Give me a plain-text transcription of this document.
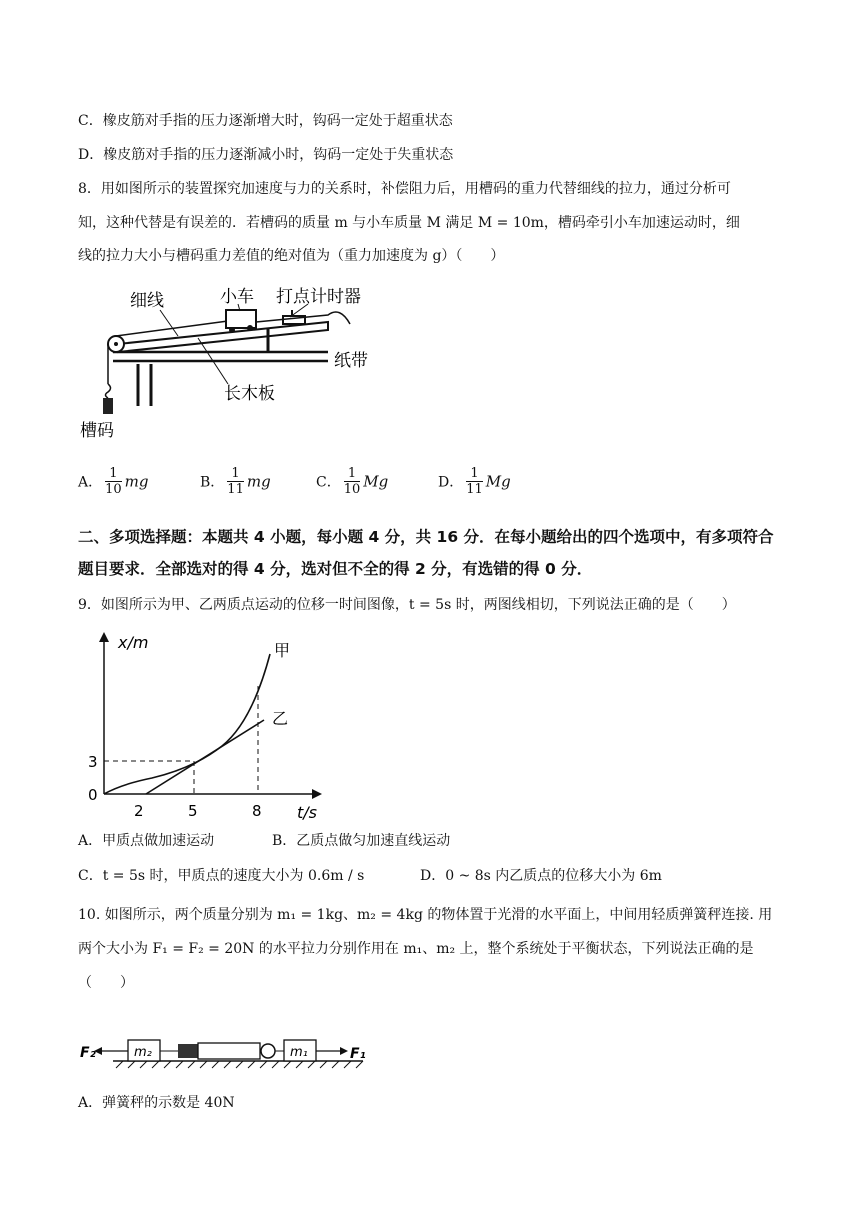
C．橡皮筋对手指的压力逐渐增大时，钩码一定处于超重状态
D．橡皮筋对手指的压力逐渐减小时，钩码一定处于失重状态
8．用如图所示的装置探究加速度与力的关系时，补偿阻力后，用槽码的重力代替细线的拉力，通过分析可
知，这种代替是有误差的．若槽码的质量 m 与小车质量 M 满足 M = 10m，槽码牵引小车加速运动时，细
线的拉力大小与槽码重力差值的绝对值为（重力加速度为 g）（　　）
细线	小车 打点计时器
纸带
长木板
槽码
A． $\frac{1}{10}$ mg	B． $\frac{1}{11}$ mg	C． $\frac{1}{10}$ Mg	D． $\frac{1}{11}$ Mg
二、多项选择题：本题共 4 小题，每小题 4 分，共 16 分．在每小题给出的四个选项中，有多项符合题目要求．全部选对的得 4 分，选对但不全的得 2 分，有选错的得 0 分．
9．如图所示为甲、乙两质点运动的位移一时间图像，t = 5s 时，两图线相切，下列说法正确的是（　　）
x/m
t/s
0
3
2	5	8
甲
乙
A．甲质点做加速运动	B．乙质点做匀加速直线运动
C．t = 5s 时，甲质点的速度大小为 0.6m / s	D．0 ~ 8s 内乙质点的位移大小为 6m
10. 如图所示，两个质量分别为 m₁ = 1kg、m₂ = 4kg 的物体置于光滑的水平面上，中间用轻质弹簧秤连接. 用两个大小为 F₁ = F₂ = 20N 的水平拉力分别作用在 m₁、m₂ 上，整个系统处于平衡状态，下列说法正确的是（　　）
F₂	m₂	m₁	F₁
A．弹簧秤的示数是 40N
